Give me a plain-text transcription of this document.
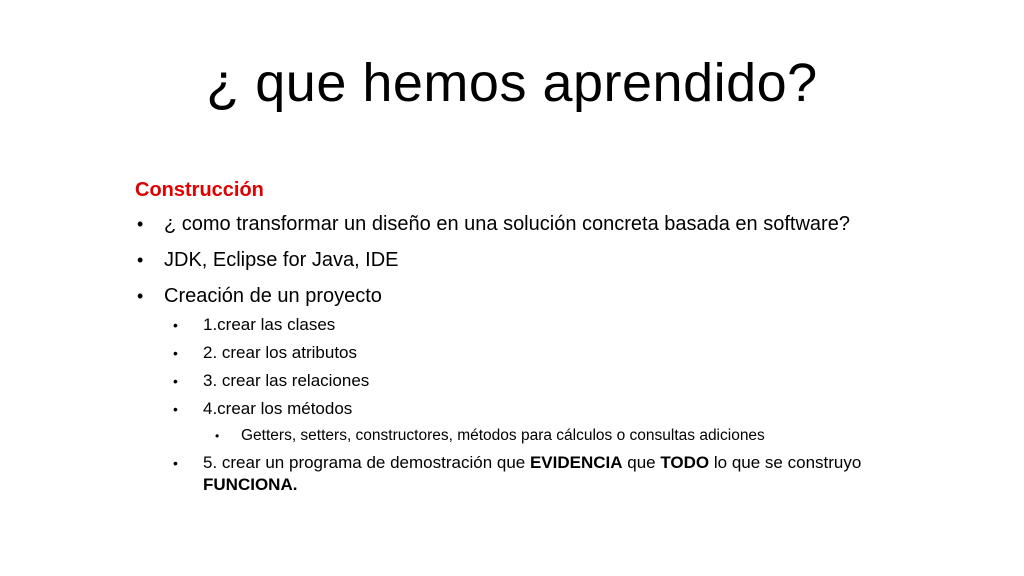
¿ que hemos aprendido?
Construcción
• ¿ como transformar un diseño en una solución concreta basada en software?
• JDK, Eclipse for Java, IDE
• Creación de un proyecto
• 1.crear las clases
• 2. crear los atributos
• 3. crear las relaciones
• 4.crear los métodos
• Getters, setters, constructores, métodos para cálculos o consultas adiciones
• 5. crear un programa de demostración que EVIDENCIA que TODO lo que se construyo FUNCIONA.
